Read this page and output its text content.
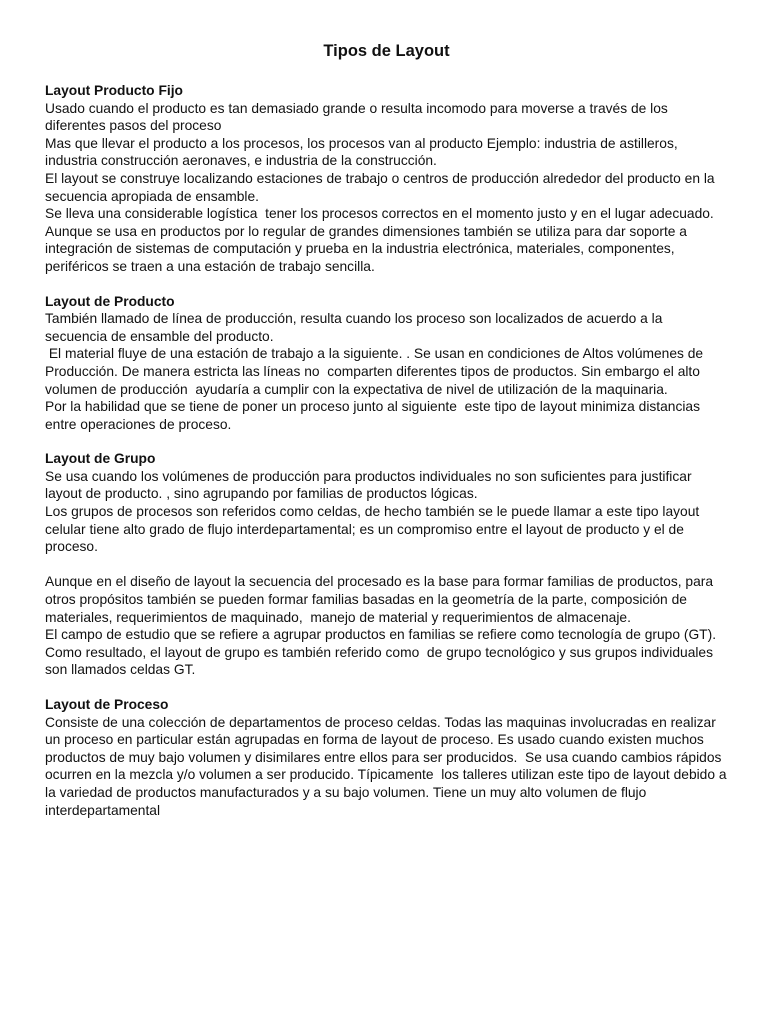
Tipos de Layout

Layout Producto Fijo

Usado cuando el producto es tan demasiado grande o resulta incomodo para moverse a través de los diferentes pasos del proceso

Mas que llevar el producto a los procesos, los procesos van al producto Ejemplo: industria de astilleros, industria construcción aeronaves, e industria de la construcción.

El layout se construye localizando estaciones de trabajo o centros de producción alrededor del producto en la secuencia apropiada de ensamble.

Se lleva una considerable logística  tener los procesos correctos en el momento justo y en el lugar adecuado. Aunque se usa en productos por lo regular de grandes dimensiones también se utiliza para dar soporte a integración de sistemas de computación y prueba en la industria electrónica, materiales, componentes, periféricos se traen a una estación de trabajo sencilla.

Layout de Producto

También llamado de línea de producción, resulta cuando los proceso son localizados de acuerdo a la secuencia de ensamble del producto.

El material fluye de una estación de trabajo a la siguiente. . Se usan en condiciones de Altos volúmenes de Producción. De manera estricta las líneas no  comparten diferentes tipos de productos. Sin embargo el alto volumen de producción  ayudaría a cumplir con la expectativa de nivel de utilización de la maquinaria.

Por la habilidad que se tiene de poner un proceso junto al siguiente  este tipo de layout minimiza distancias entre operaciones de proceso.

Layout de Grupo

Se usa cuando los volúmenes de producción para productos individuales no son suficientes para justificar layout de producto. , sino agrupando por familias de productos lógicas.

Los grupos de procesos son referidos como celdas, de hecho también se le puede llamar a este tipo layout celular tiene alto grado de flujo interdepartamental; es un compromiso entre el layout de producto y el de proceso.

Aunque en el diseño de layout la secuencia del procesado es la base para formar familias de productos, para otros propósitos también se pueden formar familias basadas en la geometría de la parte, composición de materiales, requerimientos de maquinado,  manejo de material y requerimientos de almacenaje.

El campo de estudio que se refiere a agrupar productos en familias se refiere como tecnología de grupo (GT). Como resultado, el layout de grupo es también referido como  de grupo tecnológico y sus grupos individuales son llamados celdas GT.

Layout de Proceso

Consiste de una colección de departamentos de proceso celdas. Todas las maquinas involucradas en realizar un proceso en particular están agrupadas en forma de layout de proceso. Es usado cuando existen muchos productos de muy bajo volumen y disimilares entre ellos para ser producidos.  Se usa cuando cambios rápidos ocurren en la mezcla y/o volumen a ser producido. Típicamente  los talleres utilizan este tipo de layout debido a la variedad de productos manufacturados y a su bajo volumen. Tiene un muy alto volumen de flujo interdepartamental
